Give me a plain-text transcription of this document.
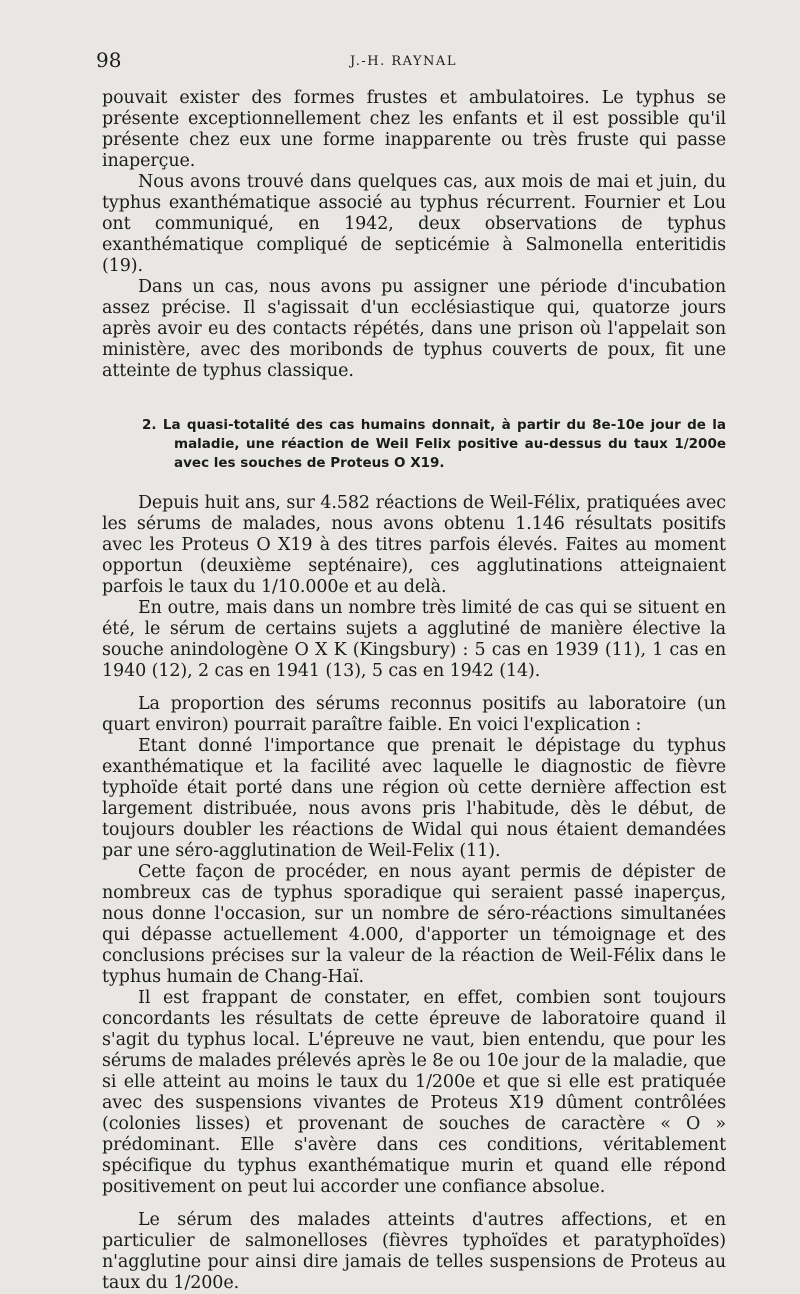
98	J.-H. RAYNAL

pouvait exister des formes frustes et ambulatoires. Le typhus se présente exceptionnellement chez les enfants et il est possible qu'il présente chez eux une forme inapparente ou très fruste qui passe inaperçue.

Nous avons trouvé dans quelques cas, aux mois de mai et juin, du typhus exanthématique associé au typhus récurrent. Fournier et Lou ont communiqué, en 1942, deux observations de typhus exanthématique compliqué de septicémie à Salmonella enteritidis (19).

Dans un cas, nous avons pu assigner une période d'incubation assez précise. Il s'agissait d'un ecclésiastique qui, quatorze jours après avoir eu des contacts répétés, dans une prison où l'appelait son ministère, avec des moribonds de typhus couverts de poux, fit une atteinte de typhus classique.

2. La quasi-totalité des cas humains donnait, à partir du 8e-10e jour de la maladie, une réaction de Weil Felix positive au-dessus du taux 1/200e avec les souches de Proteus O X19.

Depuis huit ans, sur 4.582 réactions de Weil-Félix, pratiquées avec les sérums de malades, nous avons obtenu 1.146 résultats positifs avec les Proteus O X19 à des titres parfois élevés. Faites au moment opportun (deuxième septénaire), ces agglutinations atteignaient parfois le taux du 1/10.000e et au delà.

En outre, mais dans un nombre très limité de cas qui se situent en été, le sérum de certains sujets a agglutiné de manière élective la souche anindologène O X K (Kingsbury) : 5 cas en 1939 (11), 1 cas en 1940 (12), 2 cas en 1941 (13), 5 cas en 1942 (14).

La proportion des sérums reconnus positifs au laboratoire (un quart environ) pourrait paraître faible. En voici l'explication :

Etant donné l'importance que prenait le dépistage du typhus exanthématique et la facilité avec laquelle le diagnostic de fièvre typhoïde était porté dans une région où cette dernière affection est largement distribuée, nous avons pris l'habitude, dès le début, de toujours doubler les réactions de Widal qui nous étaient demandées par une séro-agglutination de Weil-Felix (11).

Cette façon de procéder, en nous ayant permis de dépister de nombreux cas de typhus sporadique qui seraient passé inaperçus, nous donne l'occasion, sur un nombre de séro-réactions simultanées qui dépasse actuellement 4.000, d'apporter un témoignage et des conclusions précises sur la valeur de la réaction de Weil-Félix dans le typhus humain de Chang-Haï.

Il est frappant de constater, en effet, combien sont toujours concordants les résultats de cette épreuve de laboratoire quand il s'agit du typhus local. L'épreuve ne vaut, bien entendu, que pour les sérums de malades prélevés après le 8e ou 10e jour de la maladie, que si elle atteint au moins le taux du 1/200e et que si elle est pratiquée avec des suspensions vivantes de Proteus X19 dûment contrôlées (colonies lisses) et provenant de souches de caractère « O » prédominant. Elle s'avère dans ces conditions, véritablement spécifique du typhus exanthématique murin et quand elle répond positivement on peut lui accorder une confiance absolue.

Le sérum des malades atteints d'autres affections, et en particulier de salmonelloses (fièvres typhoïdes et paratyphoïdes) n'agglutine pour ainsi dire jamais de telles suspensions de Proteus au taux du 1/200e.
